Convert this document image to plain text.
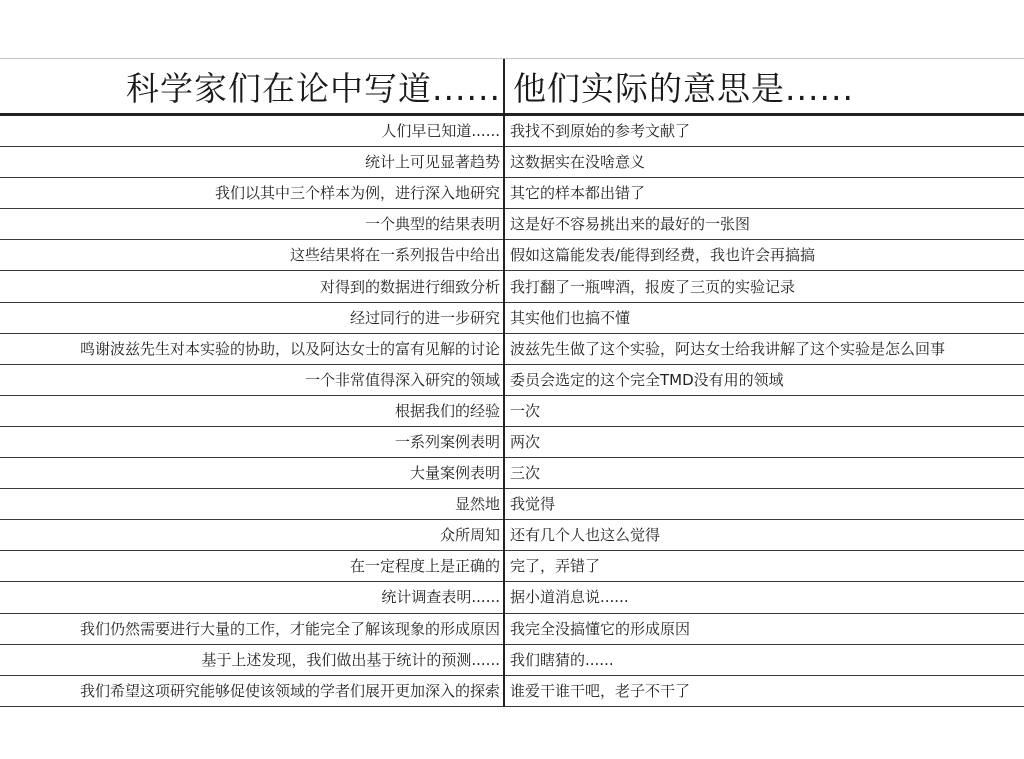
科学家们在论中写道......	他们实际的意思是......
人们早已知道......	我找不到原始的参考文献了
统计上可见显著趋势	这数据实在没啥意义
我们以其中三个样本为例，进行深入地研究	其它的样本都出错了
一个典型的结果表明	这是好不容易挑出来的最好的一张图
这些结果将在一系列报告中给出	假如这篇能发表/能得到经费，我也许会再搞搞
对得到的数据进行细致分析	我打翻了一瓶啤酒，报废了三页的实验记录
经过同行的进一步研究	其实他们也搞不懂
鸣谢波兹先生对本实验的协助，以及阿达女士的富有见解的讨论	波兹先生做了这个实验，阿达女士给我讲解了这个实验是怎么回事
一个非常值得深入研究的领域	委员会选定的这个完全TMD没有用的领域
根据我们的经验	一次
一系列案例表明	两次
大量案例表明	三次
显然地	我觉得
众所周知	还有几个人也这么觉得
在一定程度上是正确的	完了，弄错了
统计调查表明......	据小道消息说......
我们仍然需要进行大量的工作，才能完全了解该现象的形成原因	我完全没搞懂它的形成原因
基于上述发现，我们做出基于统计的预测......	我们瞎猜的......
我们希望这项研究能够促使该领域的学者们展开更加深入的探索	谁爱干谁干吧，老子不干了
